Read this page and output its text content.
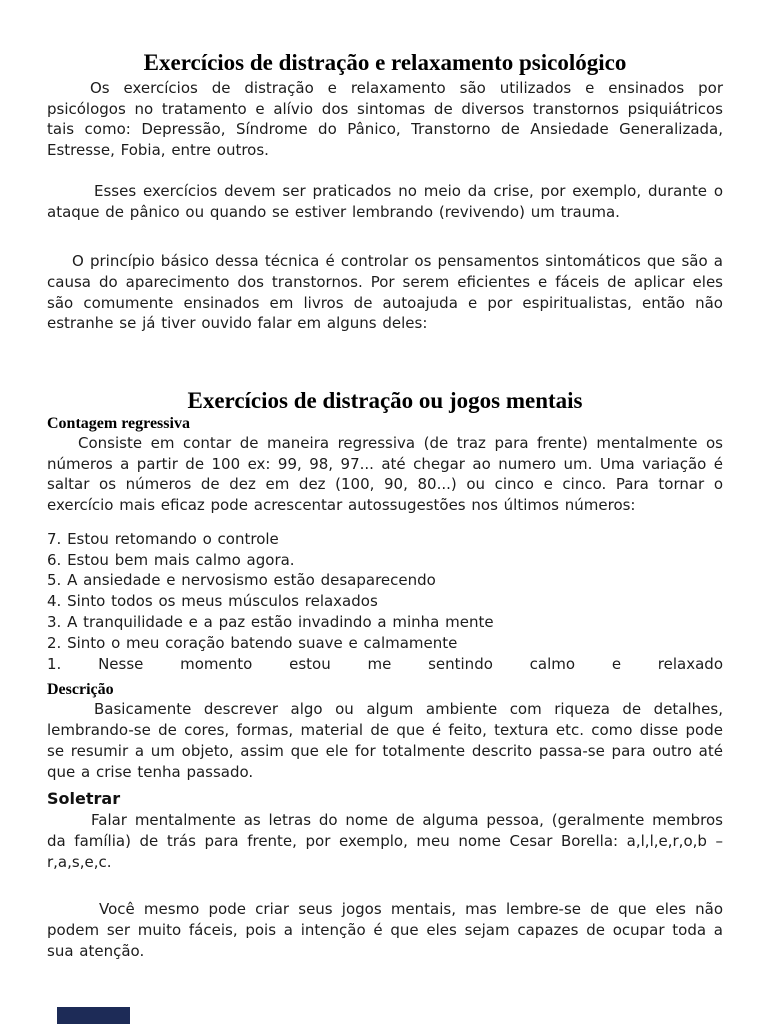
Exercícios de distração e relaxamento psicológico

Os exercícios de distração e relaxamento são utilizados e ensinados por psicólogos no tratamento e alívio dos sintomas de diversos transtornos psiquiátricos tais como: Depressão, Síndrome do Pânico, Transtorno de Ansiedade Generalizada, Estresse, Fobia, entre outros.

Esses exercícios devem ser praticados no meio da crise, por exemplo, durante o ataque de pânico ou quando se estiver lembrando (revivendo) um trauma.

O princípio básico dessa técnica é controlar os pensamentos sintomáticos que são a causa do aparecimento dos transtornos. Por serem eficientes e fáceis de aplicar eles são comumente ensinados em livros de autoajuda e por espiritualistas, então não estranhe se já tiver ouvido falar em alguns deles:

Exercícios de distração ou jogos mentais
Contagem regressiva

Consiste em contar de maneira regressiva (de traz para frente) mentalmente os números a partir de 100 ex: 99, 98, 97... até chegar ao numero um. Uma variação é saltar os números de dez em dez (100, 90, 80...) ou cinco e cinco. Para tornar o exercício mais eficaz pode acrescentar autossugestões nos últimos números:

7. Estou retomando o controle
6. Estou bem mais calmo agora.
5. A ansiedade e nervosismo estão desaparecendo
4. Sinto todos os meus músculos relaxados
3. A tranquilidade e a paz estão invadindo a minha mente
2. Sinto o meu coração batendo suave e calmamente
1. Nesse momento estou me sentindo calmo e relaxado
Descrição

Basicamente descrever algo ou algum ambiente com riqueza de detalhes, lembrando-se de cores, formas, material de que é feito, textura etc. como disse pode se resumir a um objeto, assim que ele for totalmente descrito passa-se para outro até que a crise tenha passado.

Soletrar

Falar mentalmente as letras do nome de alguma pessoa, (geralmente membros da família) de trás para frente, por exemplo, meu nome Cesar Borella: a,l,l,e,r,o,b – r,a,s,e,c.

Você mesmo pode criar seus jogos mentais, mas lembre-se de que eles não podem ser muito fáceis, pois a intenção é que eles sejam capazes de ocupar toda a sua atenção.
